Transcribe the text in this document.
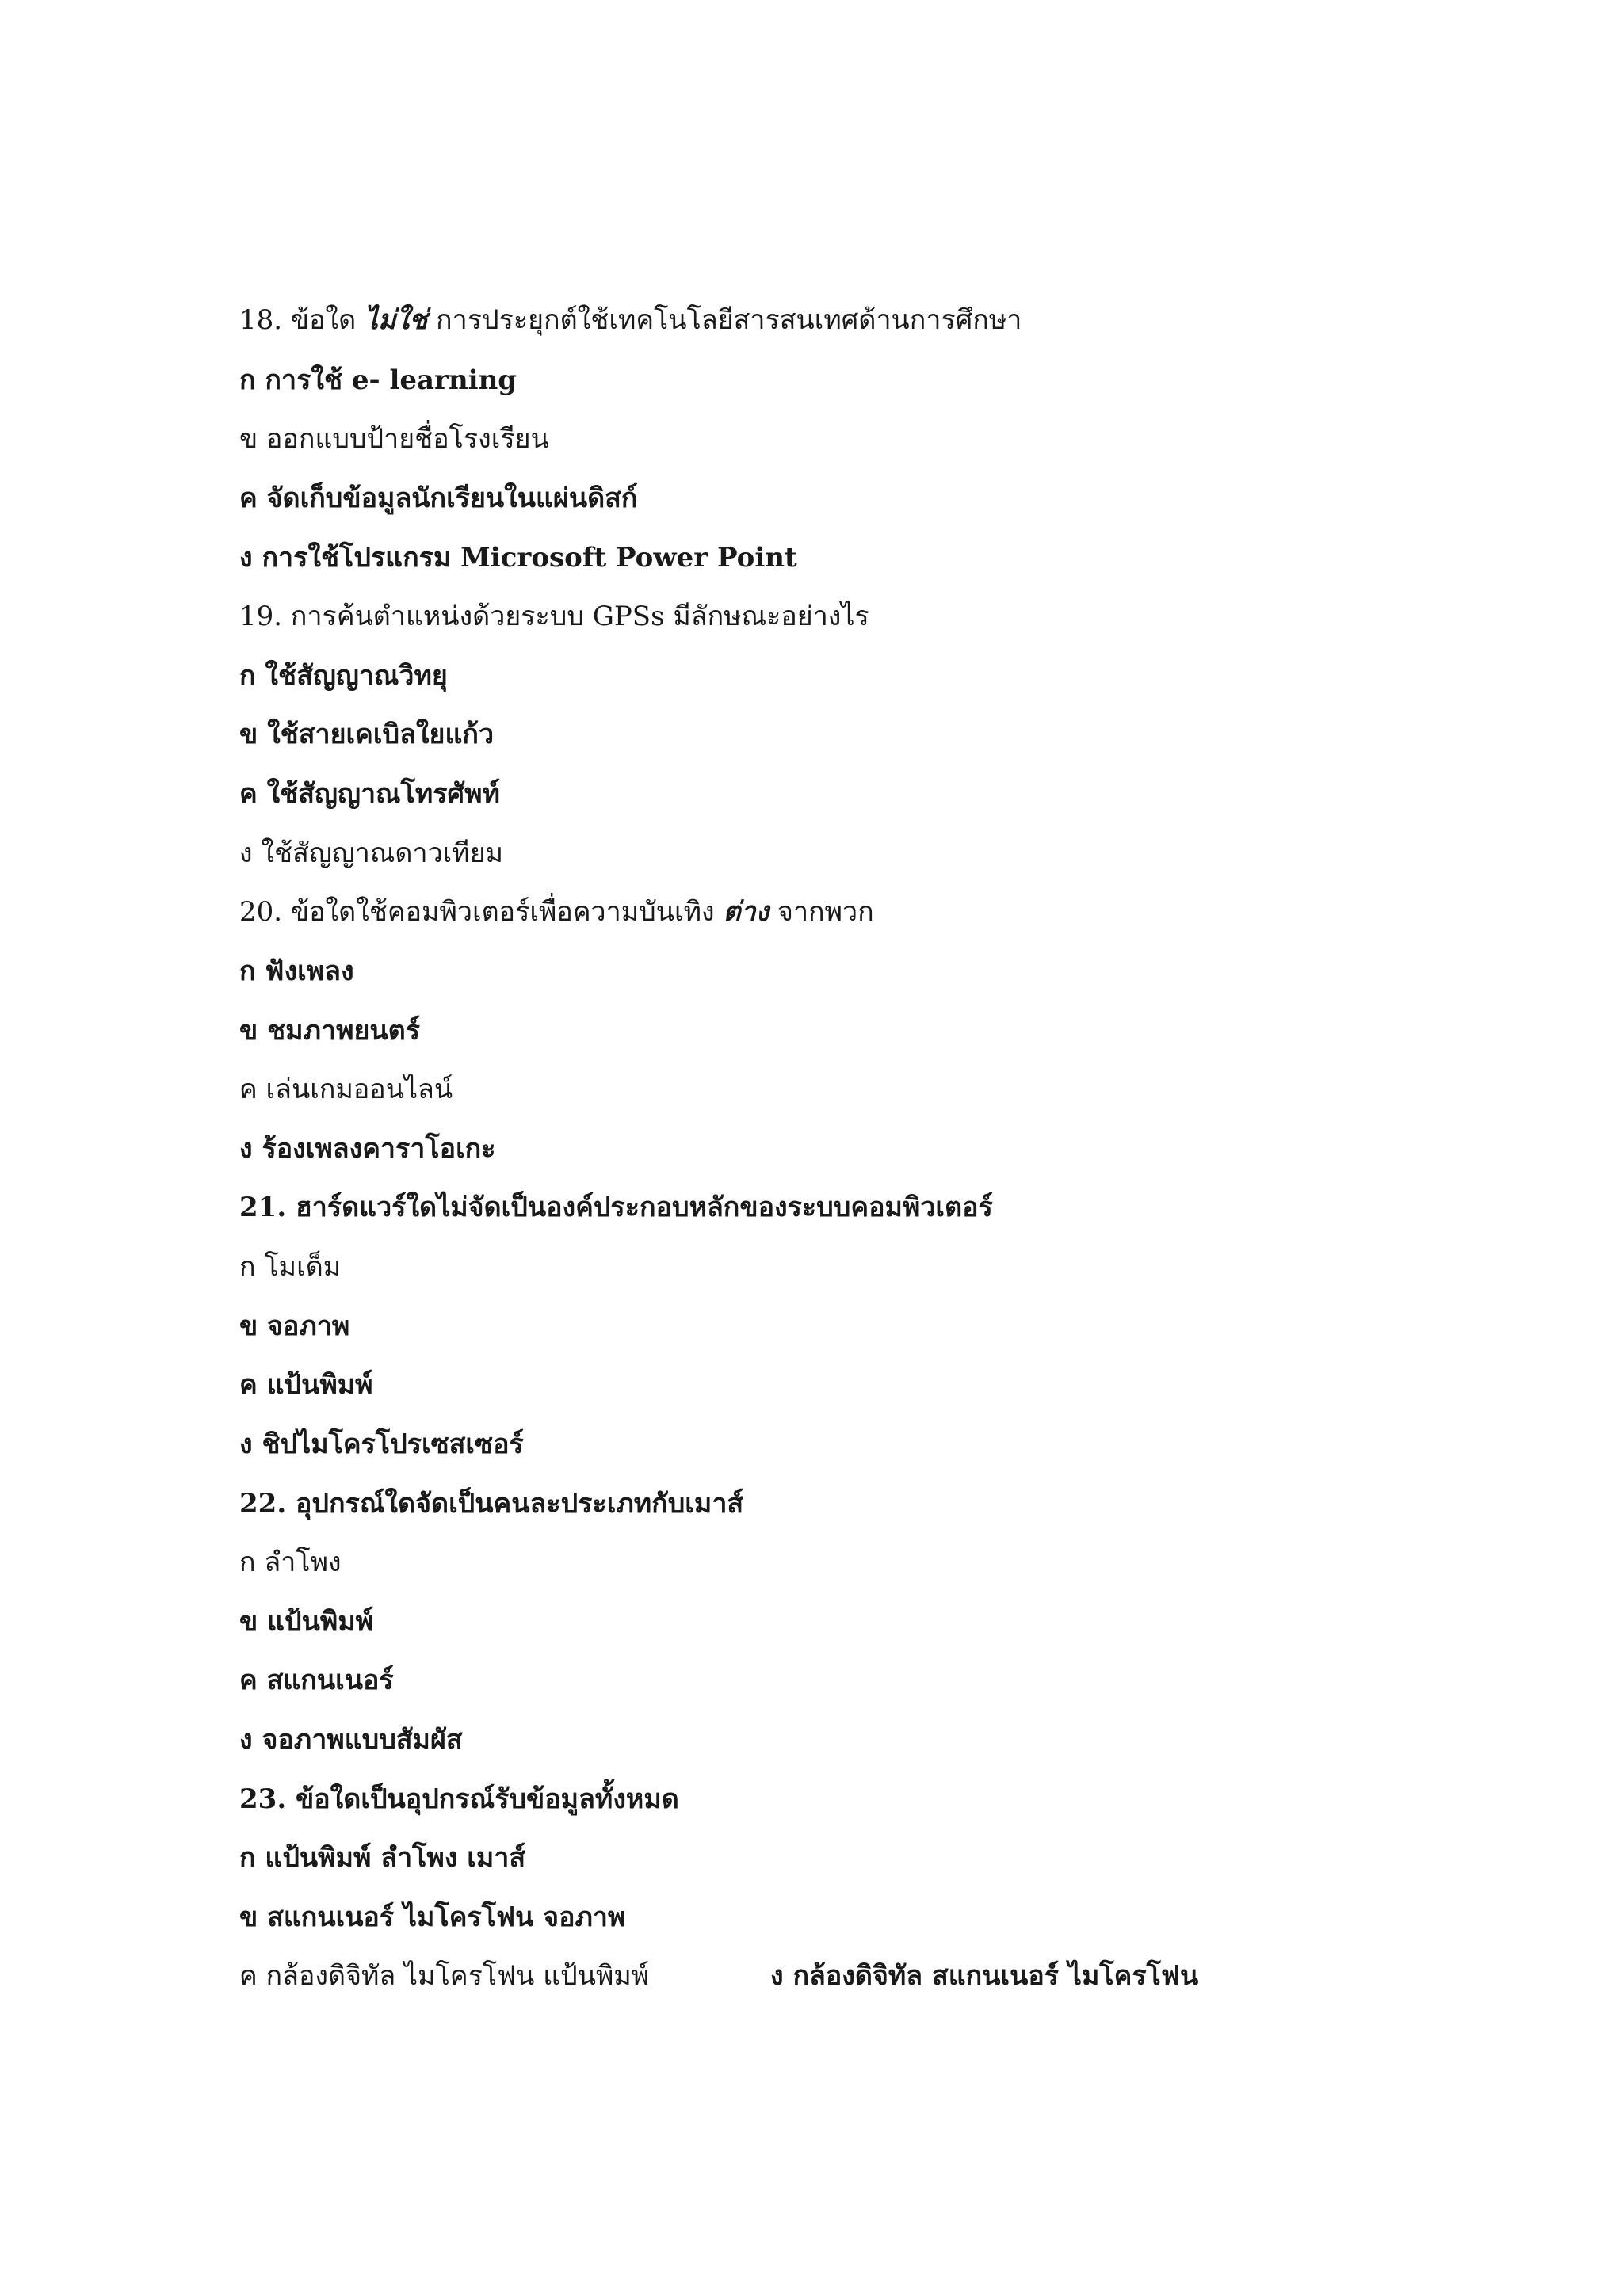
18. ข้อใด ไม่ใช่ การประยุกต์ใช้เทคโนโลยีสารสนเทศด้านการศึกษา
ก การใช้ e- learning
ข ออกแบบป้ายชื่อโรงเรียน
ค จัดเก็บข้อมูลนักเรียนในแผ่นดิสก์
ง การใช้โปรแกรม Microsoft Power Point
19. การค้นตำแหน่งด้วยระบบ GPSs มีลักษณะอย่างไร
ก ใช้สัญญาณวิทยุ
ข ใช้สายเคเบิลใยแก้ว
ค ใช้สัญญาณโทรศัพท์
ง ใช้สัญญาณดาวเทียม
20. ข้อใดใช้คอมพิวเตอร์เพื่อความบันเทิง ต่าง จากพวก
ก ฟังเพลง
ข ชมภาพยนตร์
ค เล่นเกมออนไลน์
ง ร้องเพลงคาราโอเกะ
21. ฮาร์ดแวร์ใดไม่จัดเป็นองค์ประกอบหลักของระบบคอมพิวเตอร์
ก โมเด็ม
ข จอภาพ
ค แป้นพิมพ์
ง ชิปไมโครโปรเซสเซอร์
22. อุปกรณ์ใดจัดเป็นคนละประเภทกับเมาส์
ก ลำโพง
ข แป้นพิมพ์
ค สแกนเนอร์
ง จอภาพแบบสัมผัส
23. ข้อใดเป็นอุปกรณ์รับข้อมูลทั้งหมด
ก แป้นพิมพ์ ลำโพง เมาส์
ข สแกนเนอร์ ไมโครโฟน จอภาพ
ค กล้องดิจิทัล ไมโครโฟน แป้นพิมพ์	ง กล้องดิจิทัล สแกนเนอร์ ไมโครโฟน
